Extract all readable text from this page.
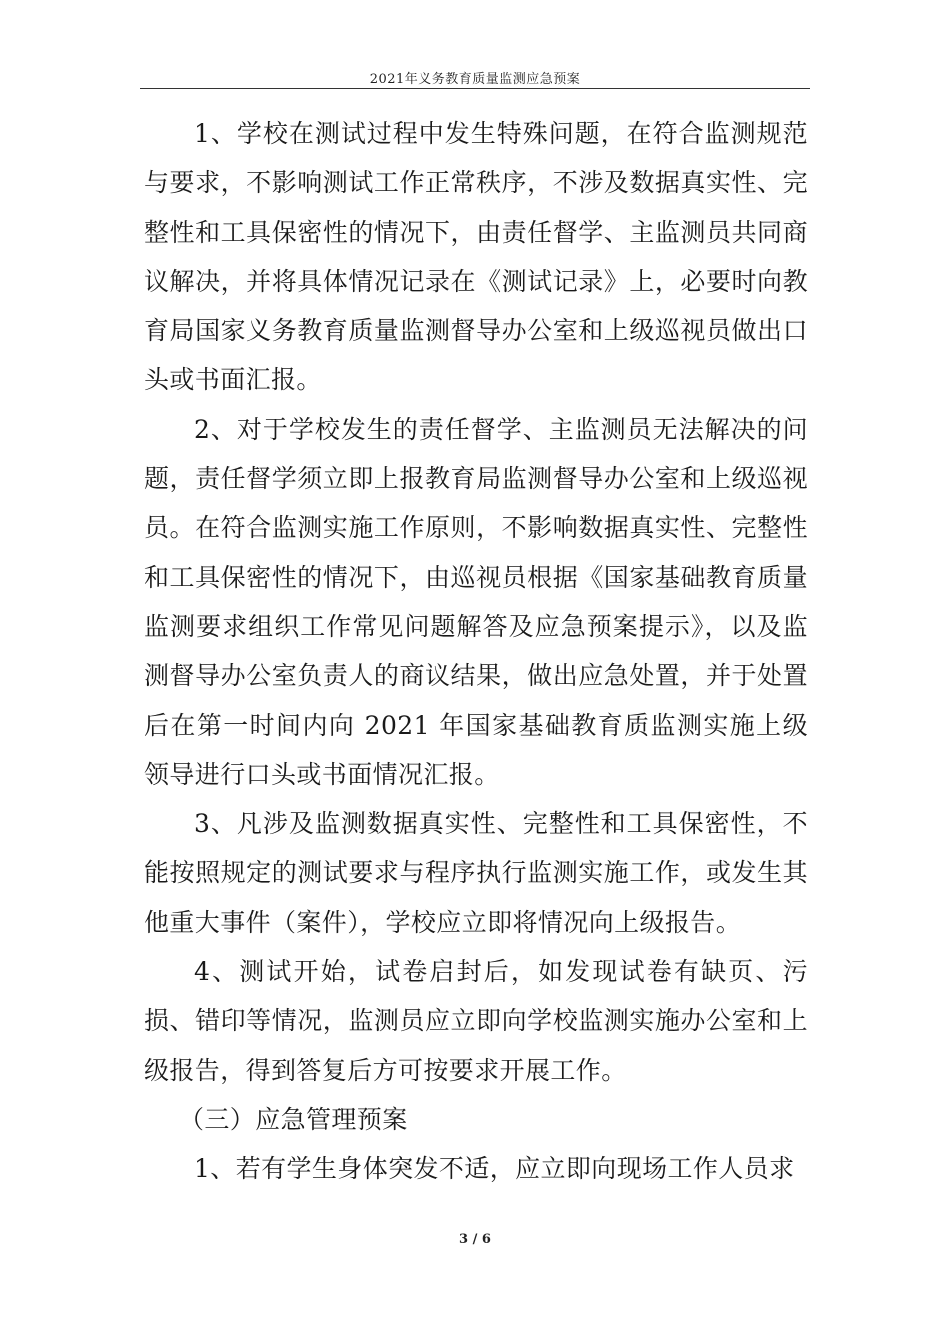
2021年义务教育质量监测应急预案

1、学校在测试过程中发生特殊问题，在符合监测规范与要求，不影响测试工作正常秩序，不涉及数据真实性、完整性和工具保密性的情况下，由责任督学、主监测员共同商议解决，并将具体情况记录在《测试记录》上，必要时向教育局国家义务教育质量监测督导办公室和上级巡视员做出口头或书面汇报。

2、对于学校发生的责任督学、主监测员无法解决的问题，责任督学须立即上报教育局监测督导办公室和上级巡视员。在符合监测实施工作原则，不影响数据真实性、完整性和工具保密性的情况下，由巡视员根据《国家基础教育质量监测要求组织工作常见问题解答及应急预案提示》，以及监测督导办公室负责人的商议结果，做出应急处置，并于处置后在第一时间内向 2021 年国家基础教育质监测实施上级领导进行口头或书面情况汇报。

3、凡涉及监测数据真实性、完整性和工具保密性，不能按照规定的测试要求与程序执行监测实施工作，或发生其他重大事件（案件），学校应立即将情况向上级报告。

4、测试开始，试卷启封后，如发现试卷有缺页、污损、错印等情况，监测员应立即向学校监测实施办公室和上级报告，得到答复后方可按要求开展工作。

（三）应急管理预案

1、若有学生身体突发不适，应立即向现场工作人员求

3 / 6
